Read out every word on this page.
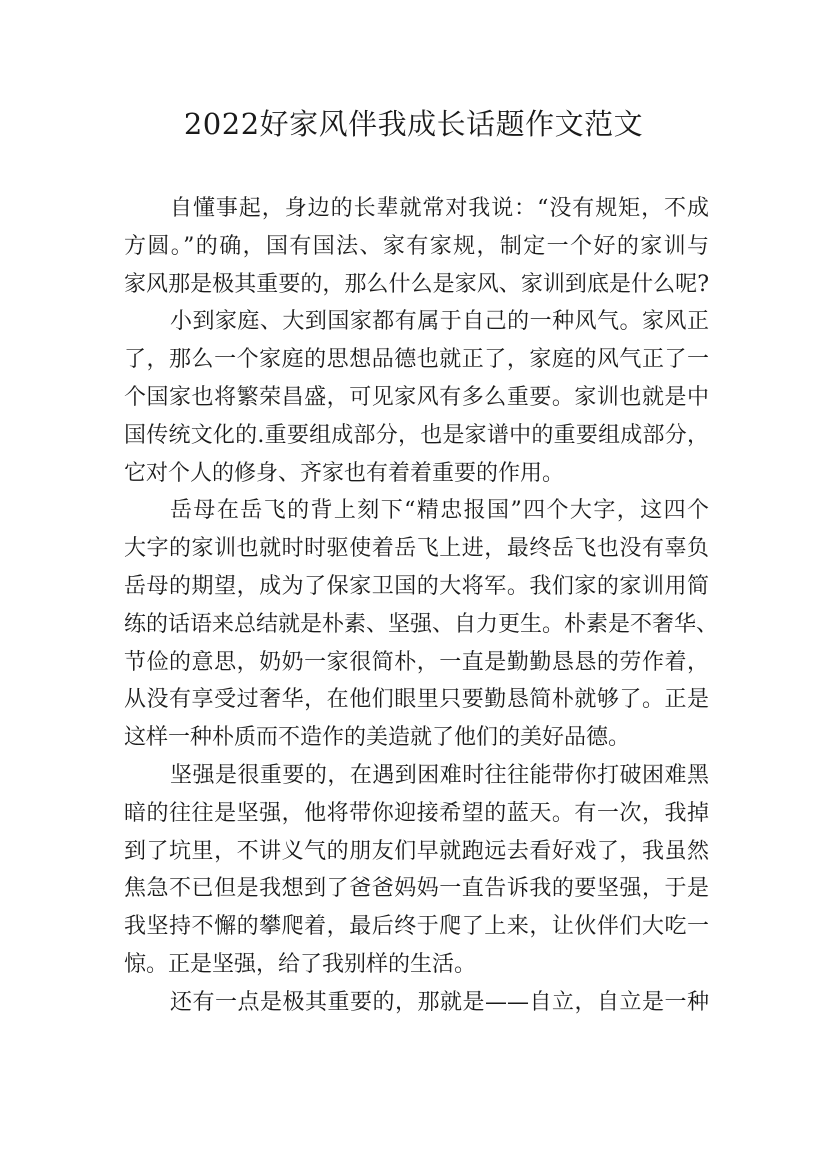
2022好家风伴我成长话题作文范文
自懂事起，身边的长辈就常对我说：“没有规矩，不成
方圆。”的确，国有国法、家有家规，制定一个好的家训与
家风那是极其重要的，那么什么是家风、家训到底是什么呢?
小到家庭、大到国家都有属于自己的一种风气。家风正
了，那么一个家庭的思想品德也就正了，家庭的风气正了一
个国家也将繁荣昌盛，可见家风有多么重要。家训也就是中
国传统文化的.重要组成部分，也是家谱中的重要组成部分，
它对个人的修身、齐家也有着着重要的作用。
岳母在岳飞的背上刻下“精忠报国”四个大字，这四个
大字的家训也就时时驱使着岳飞上进，最终岳飞也没有辜负
岳母的期望，成为了保家卫国的大将军。我们家的家训用简
练的话语来总结就是朴素、坚强、自力更生。朴素是不奢华、
节俭的意思，奶奶一家很简朴，一直是勤勤恳恳的劳作着，
从没有享受过奢华，在他们眼里只要勤恳简朴就够了。正是
这样一种朴质而不造作的美造就了他们的美好品德。
坚强是很重要的，在遇到困难时往往能带你打破困难黑
暗的往往是坚强，他将带你迎接希望的蓝天。有一次，我掉
到了坑里，不讲义气的朋友们早就跑远去看好戏了，我虽然
焦急不已但是我想到了爸爸妈妈一直告诉我的要坚强，于是
我坚持不懈的攀爬着，最后终于爬了上来，让伙伴们大吃一
惊。正是坚强，给了我别样的生活。
还有一点是极其重要的，那就是——自立，自立是一种
